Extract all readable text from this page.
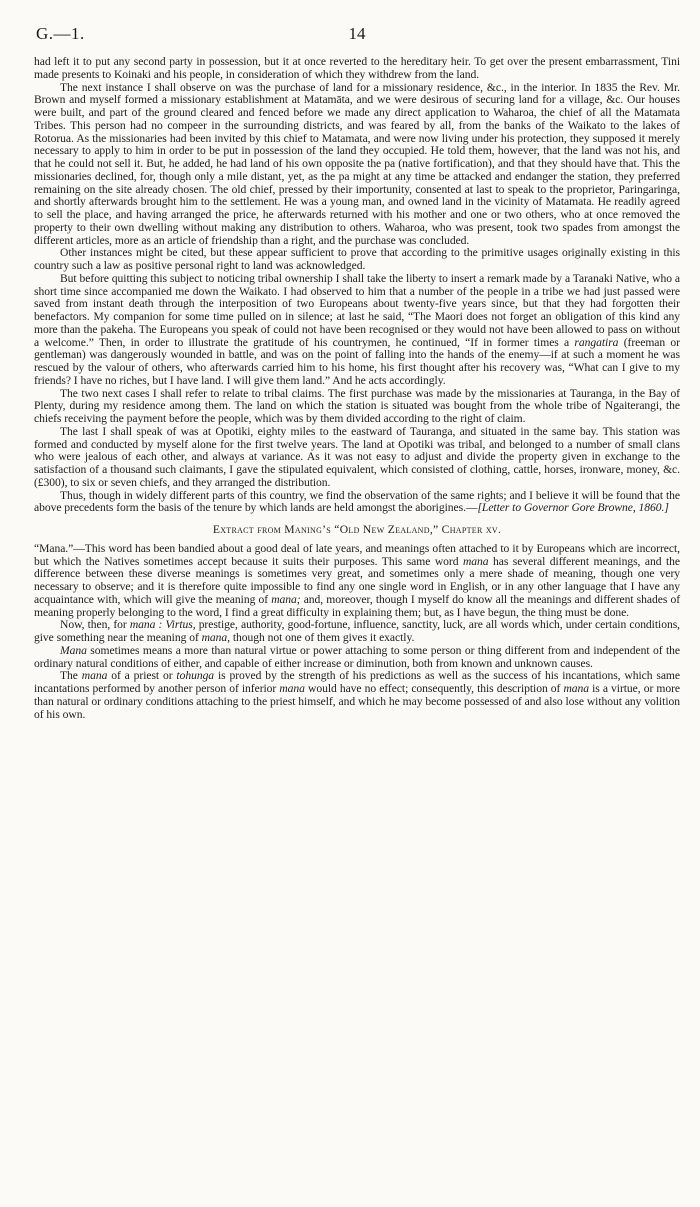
G.—1.	14

had left it to put any second party in possession, but it at once reverted to the hereditary heir. To get over the present embarrassment, Tini made presents to Koinaki and his people, in consideration of which they withdrew from the land.

The next instance I shall observe on was the purchase of land for a missionary residence, &c., in the interior. In 1835 the Rev. Mr. Brown and myself formed a missionary establishment at Matamāta, and we were desirous of securing land for a village, &c. Our houses were built, and part of the ground cleared and fenced before we made any direct application to Waharoa, the chief of all the Matamata Tribes. This person had no compeer in the surrounding districts, and was feared by all, from the banks of the Waikato to the lakes of Rotorua. As the missionaries had been invited by this chief to Matamata, and were now living under his protection, they supposed it merely necessary to apply to him in order to be put in possession of the land they occupied. He told them, however, that the land was not his, and that he could not sell it. But, he added, he had land of his own opposite the pa (native fortification), and that they should have that. This the missionaries declined, for, though only a mile distant, yet, as the pa might at any time be attacked and endanger the station, they preferred remaining on the site already chosen. The old chief, pressed by their importunity, consented at last to speak to the proprietor, Paringaringa, and shortly afterwards brought him to the settlement. He was a young man, and owned land in the vicinity of Matamata. He readily agreed to sell the place, and having arranged the price, he afterwards returned with his mother and one or two others, who at once removed the property to their own dwelling without making any distribution to others. Waharoa, who was present, took two spades from amongst the different articles, more as an article of friendship than a right, and the purchase was concluded.

Other instances might be cited, but these appear sufficient to prove that according to the primitive usages originally existing in this country such a law as positive personal right to land was acknowledged.

But before quitting this subject to noticing tribal ownership I shall take the liberty to insert a remark made by a Taranaki Native, who a short time since accompanied me down the Waikato. I had observed to him that a number of the people in a tribe we had just passed were saved from instant death through the interposition of two Europeans about twenty-five years since, but that they had forgotten their benefactors. My companion for some time pulled on in silence; at last he said, “The Maori does not forget an obligation of this kind any more than the pakeha. The Europeans you speak of could not have been recognised or they would not have been allowed to pass on without a welcome.” Then, in order to illustrate the gratitude of his countrymen, he continued, “If in former times a rangatira (freeman or gentleman) was dangerously wounded in battle, and was on the point of falling into the hands of the enemy—if at such a moment he was rescued by the valour of others, who afterwards carried him to his home, his first thought after his recovery was, “What can I give to my friends? I have no riches, but I have land. I will give them land.” And he acts accordingly.

The two next cases I shall refer to relate to tribal claims. The first purchase was made by the missionaries at Tauranga, in the Bay of Plenty, during my residence among them. The land on which the station is situated was bought from the whole tribe of Ngaiterangi, the chiefs receiving the payment before the people, which was by them divided according to the right of claim.

The last I shall speak of was at Opotiki, eighty miles to the eastward of Tauranga, and situated in the same bay. This station was formed and conducted by myself alone for the first twelve years. The land at Opotiki was tribal, and belonged to a number of small clans who were jealous of each other, and always at variance. As it was not easy to adjust and divide the property given in exchange to the satisfaction of a thousand such claimants, I gave the stipulated equivalent, which consisted of clothing, cattle, horses, ironware, money, &c. (£300), to six or seven chiefs, and they arranged the distribution.

Thus, though in widely different parts of this country, we find the observation of the same rights; and I believe it will be found that the above precedents form the basis of the tenure by which lands are held amongst the aborigines.—[Letter to Governor Gore Browne, 1860.]

Extract from Maning’s “Old New Zealand,” Chapter xv.

“Mana.”—This word has been bandied about a good deal of late years, and meanings often attached to it by Europeans which are incorrect, but which the Natives sometimes accept because it suits their purposes. This same word mana has several different meanings, and the difference between these diverse meanings is sometimes very great, and sometimes only a mere shade of meaning, though one very necessary to observe; and it is therefore quite impossible to find any one single word in English, or in any other language that I have any acquaintance with, which will give the meaning of mana; and, moreover, though I myself do know all the meanings and different shades of meaning properly belonging to the word, I find a great difficulty in explaining them; but, as I have begun, the thing must be done.

Now, then, for mana : Virtus, prestige, authority, good-fortune, influence, sanctity, luck, are all words which, under certain conditions, give something near the meaning of mana, though not one of them gives it exactly.

Mana sometimes means a more than natural virtue or power attaching to some person or thing different from and independent of the ordinary natural conditions of either, and capable of either increase or diminution, both from known and unknown causes.

The mana of a priest or tohunga is proved by the strength of his predictions as well as the success of his incantations, which same incantations performed by another person of inferior mana would have no effect; consequently, this description of mana is a virtue, or more than natural or ordinary conditions attaching to the priest himself, and which he may become possessed of and also lose without any volition of his own.
